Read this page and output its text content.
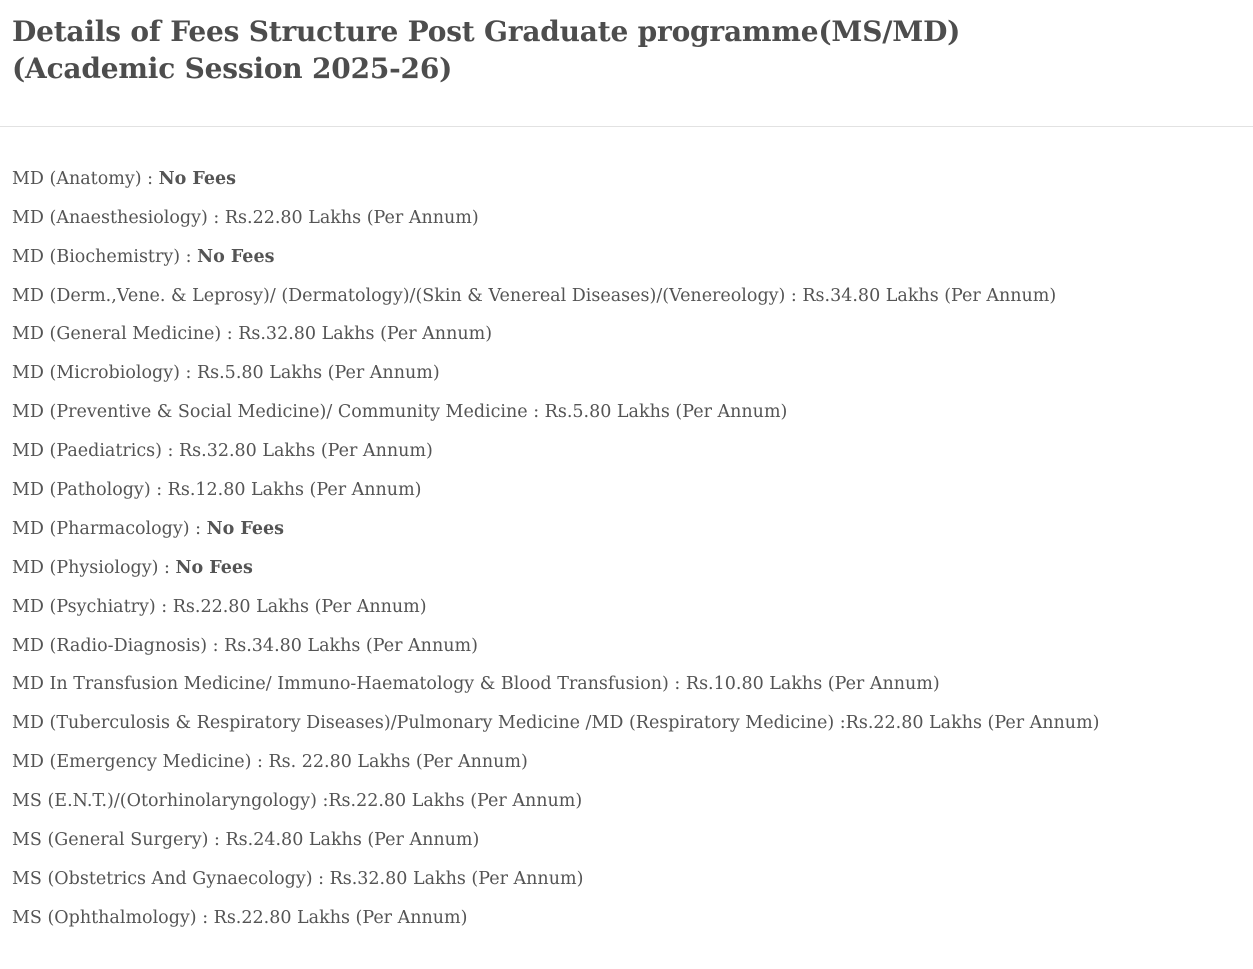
Details of Fees Structure Post Graduate programme(MS/MD)
(Academic Session 2025-26)
MD (Anatomy) : No Fees
MD (Anaesthesiology) : Rs.22.80 Lakhs (Per Annum)
MD (Biochemistry) : No Fees
MD (Derm.,Vene. & Leprosy)/ (Dermatology)/(Skin & Venereal Diseases)/(Venereology) : Rs.34.80 Lakhs (Per Annum)
MD (General Medicine) : Rs.32.80 Lakhs (Per Annum)
MD (Microbiology) : Rs.5.80 Lakhs (Per Annum)
MD (Preventive & Social Medicine)/ Community Medicine : Rs.5.80 Lakhs (Per Annum)
MD (Paediatrics) : Rs.32.80 Lakhs (Per Annum)
MD (Pathology) : Rs.12.80 Lakhs (Per Annum)
MD (Pharmacology) : No Fees
MD (Physiology) : No Fees
MD (Psychiatry) : Rs.22.80 Lakhs (Per Annum)
MD (Radio-Diagnosis) : Rs.34.80 Lakhs (Per Annum)
MD In Transfusion Medicine/ Immuno-Haematology & Blood Transfusion) : Rs.10.80 Lakhs (Per Annum)
MD (Tuberculosis & Respiratory Diseases)/Pulmonary Medicine /MD (Respiratory Medicine) :Rs.22.80 Lakhs (Per Annum)
MD (Emergency Medicine) : Rs. 22.80 Lakhs (Per Annum)
MS (E.N.T.)/(Otorhinolaryngology) :Rs.22.80 Lakhs (Per Annum)
MS (General Surgery) : Rs.24.80 Lakhs (Per Annum)
MS (Obstetrics And Gynaecology) : Rs.32.80 Lakhs (Per Annum)
MS (Ophthalmology) : Rs.22.80 Lakhs (Per Annum)
